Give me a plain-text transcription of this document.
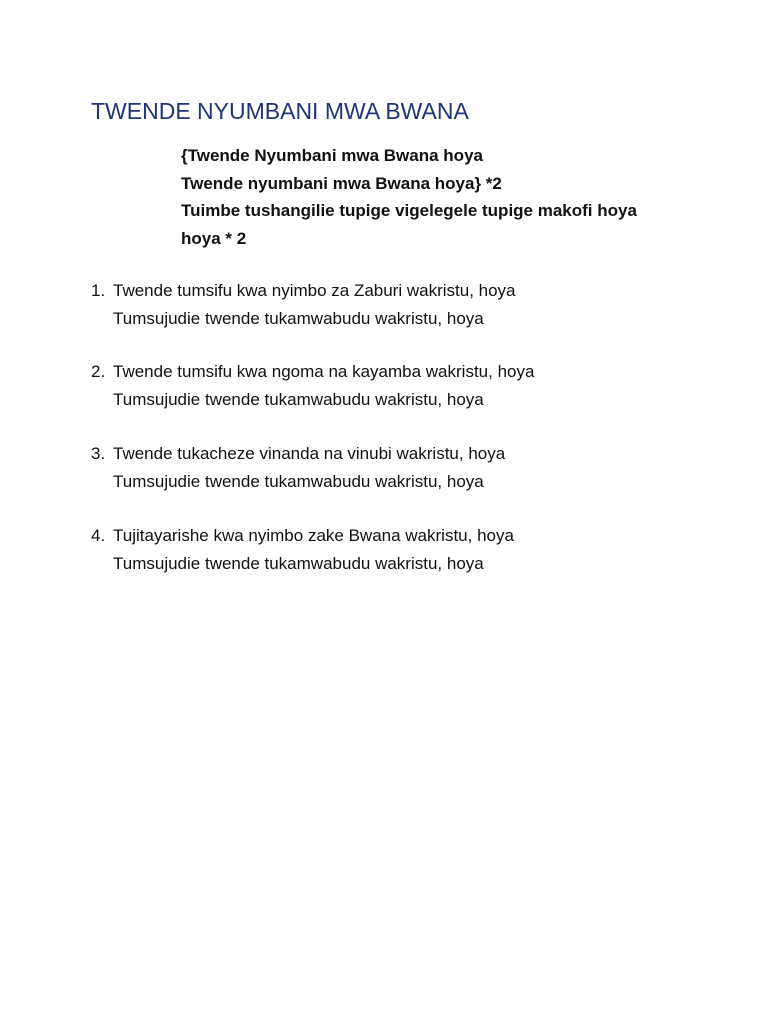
TWENDE NYUMBANI MWA BWANA
{Twende Nyumbani mwa Bwana hoya
Twende nyumbani mwa Bwana hoya} *2
Tuimbe tushangilie tupige vigelegele tupige makofi hoya
hoya * 2
1. Twende tumsifu kwa nyimbo za Zaburi wakristu, hoya
Tumsujudie twende tukamwabudu wakristu, hoya
2. Twende tumsifu kwa ngoma na kayamba wakristu, hoya
Tumsujudie twende tukamwabudu wakristu, hoya
3. Twende tukacheze vinanda na vinubi wakristu, hoya
Tumsujudie twende tukamwabudu wakristu, hoya
4. Tujitayarishe kwa nyimbo zake Bwana wakristu, hoya
Tumsujudie twende tukamwabudu wakristu, hoya
